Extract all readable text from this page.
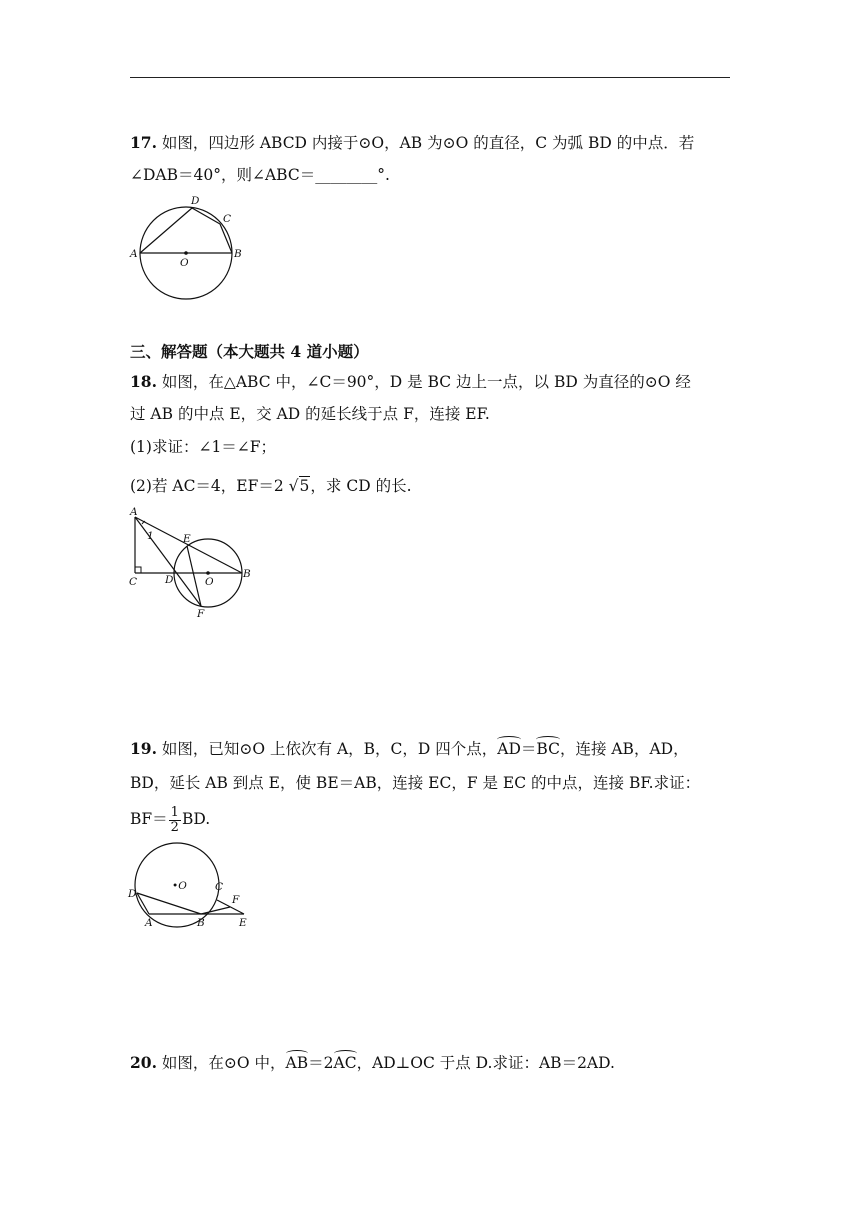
17. 如图，四边形 ABCD 内接于⊙O，AB 为⊙O 的直径，C 为弧 BD 的中点．若
∠DAB＝40°，则∠ABC＝________°.
A	B
C
D
O
三、解答题（本大题共 4 道小题）
18. 如图，在△ABC 中，∠C＝90°，D 是 BC 边上一点，以 BD 为直径的⊙O 经
过 AB 的中点 E，交 AD 的延长线于点 F，连接 EF.
(1)求证：∠1＝∠F；
(2)若 AC＝4，EF＝2 √5，求 CD 的长.
A
C	D
E
F
O
B
1
19. 如图，已知⊙O 上依次有 A，B，C，D 四个点，AD＝BC，连接 AB，AD，
BD，延长 AB 到点 E，使 BE＝AB，连接 EC，F 是 EC 的中点，连接 BF.求证：
$BF= \frac{1}{2}$ BD.
•O
D
A	B
C
F
E
20. 如图，在⊙O 中，AB＝2AC，AD⊥OC 于点 D.求证：AB＝2AD.
